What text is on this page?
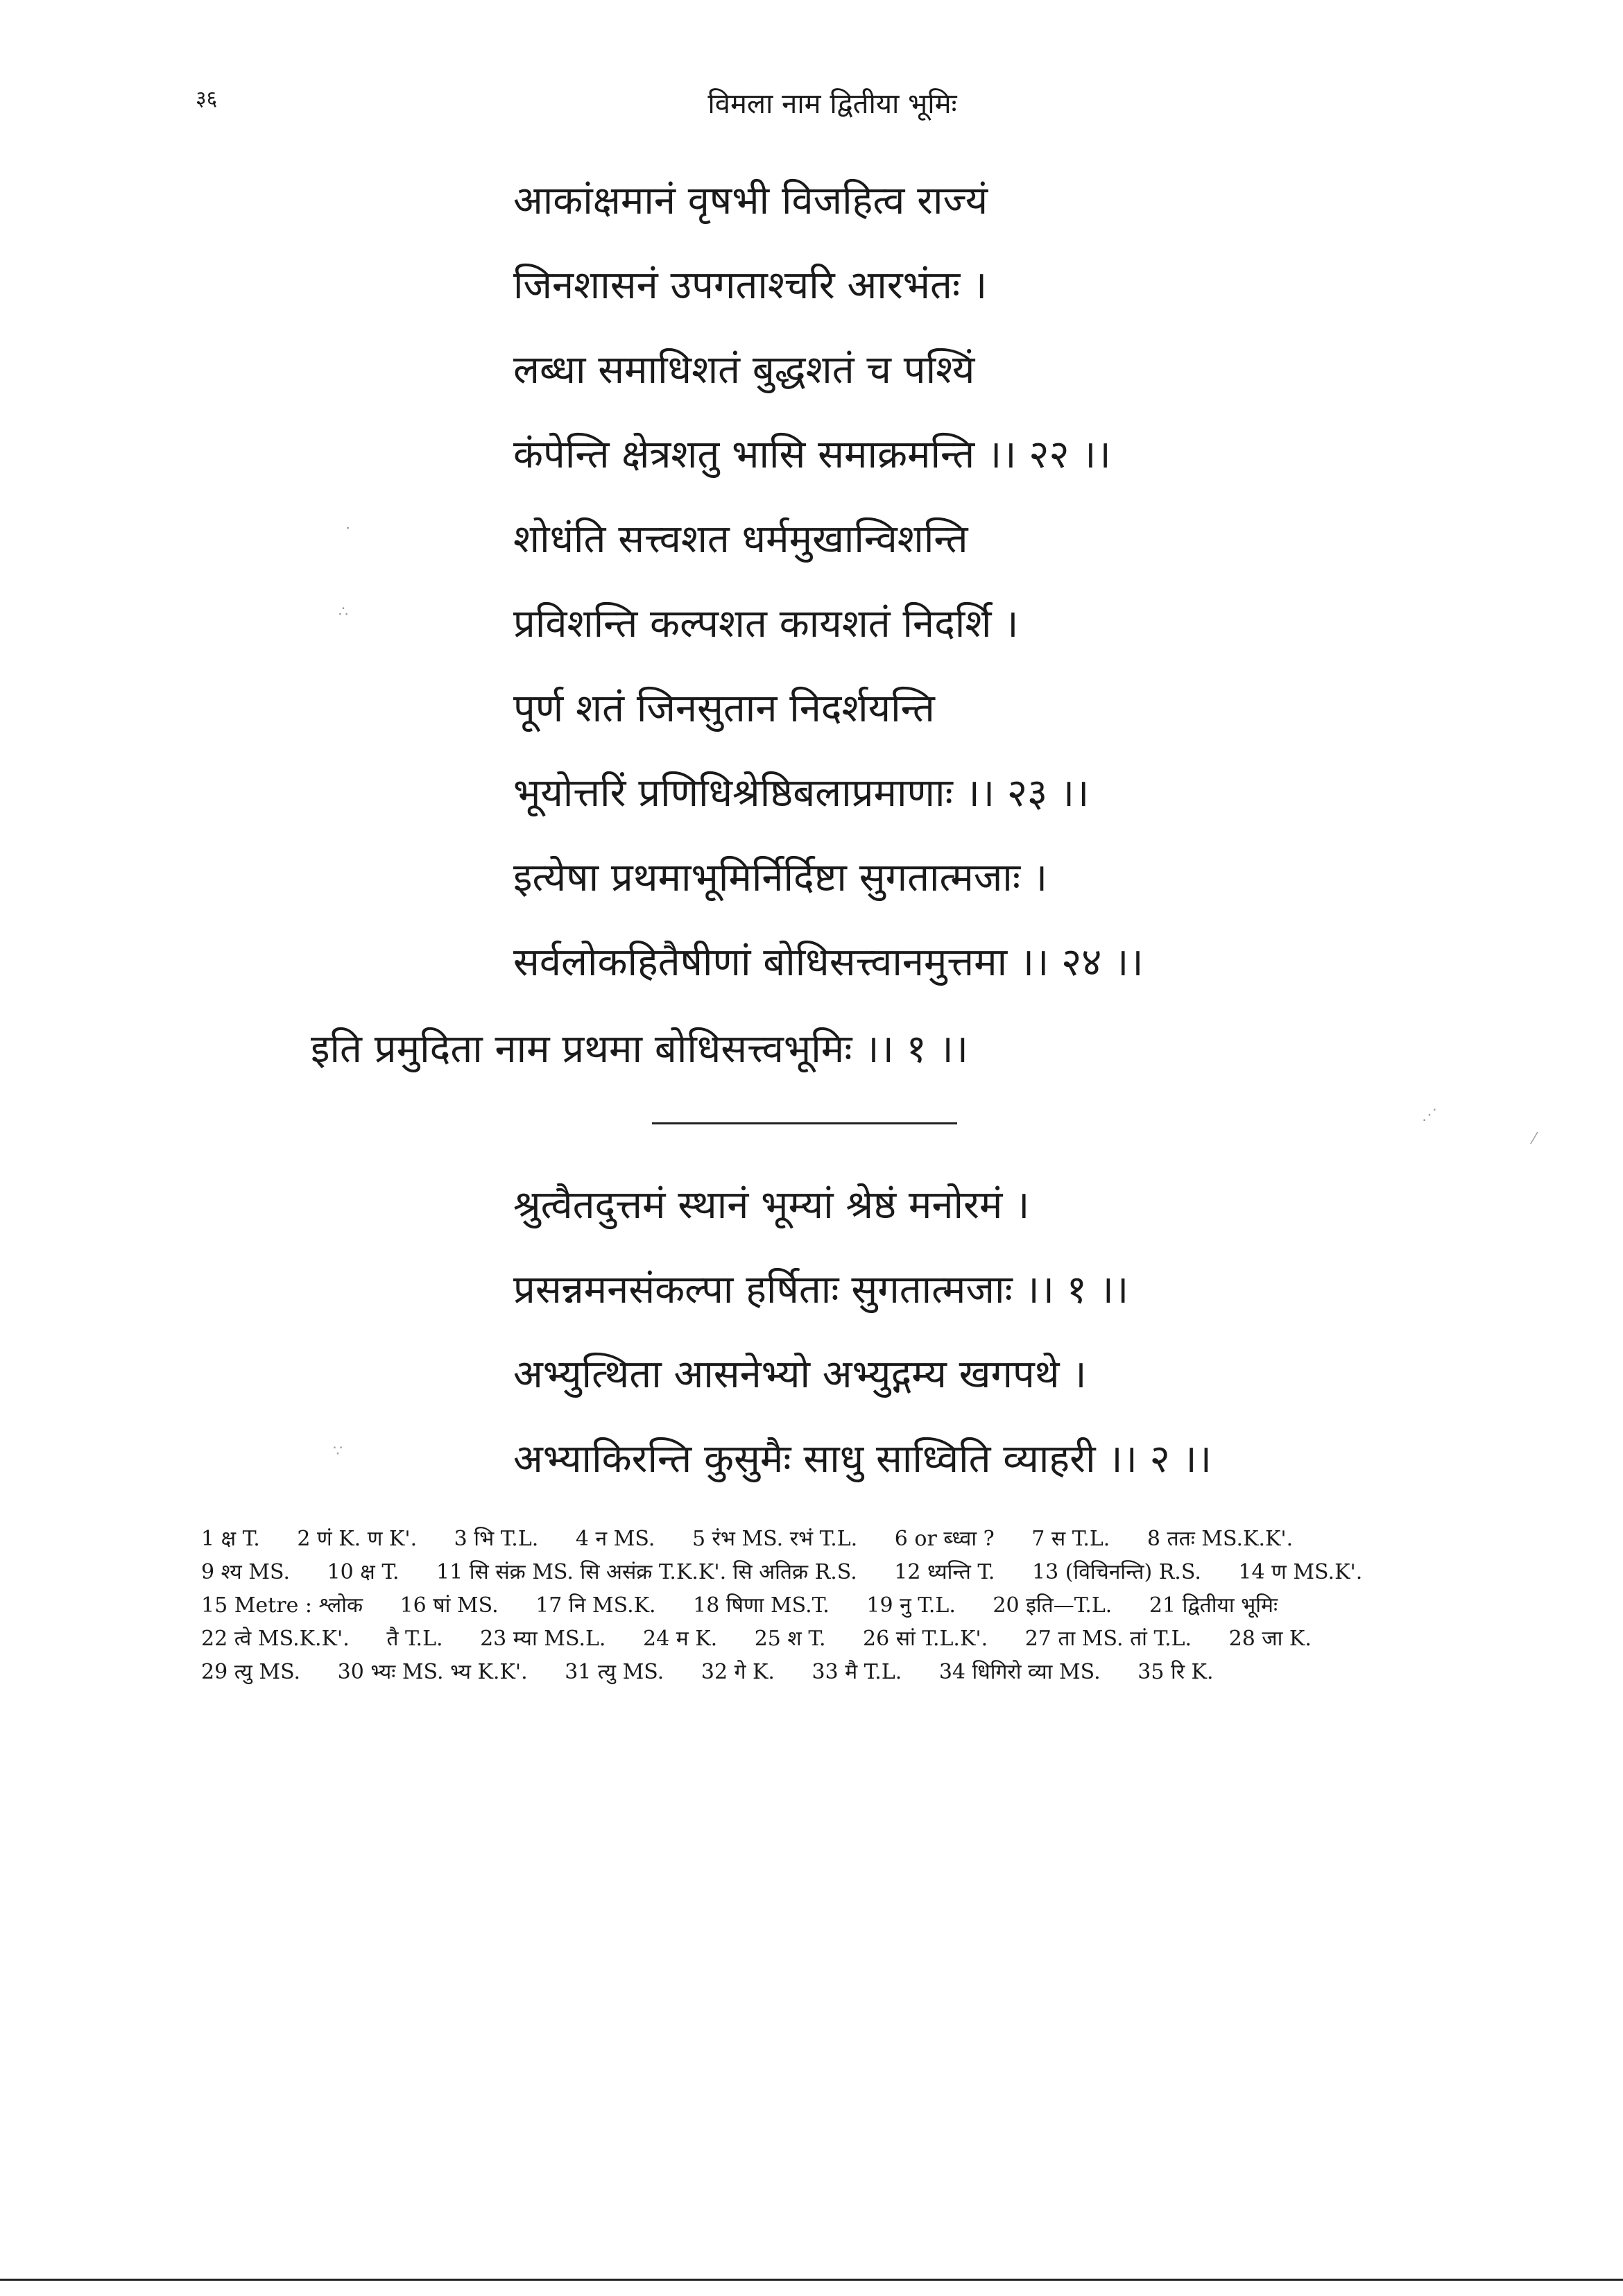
३६	विमला नाम द्वितीया भूमिः
आकांक्षमानं वृषभी विजहित्व राज्यं
जिनशासनं उपगताश्चरि आरभंतः ।
लब्धा समाधिशतं बुद्धशतं च पश्यिं
कंपेन्ति क्षेत्रशतु भासि समाक्रमन्ति ।। २२ ।।
शोधंति सत्त्वशत धर्ममुखान्विशन्ति
प्रविशन्ति कल्पशत कायशतं निदर्शि ।
पूर्ण शतं जिनसुतान निदर्शयन्ति
भूयोत्तरिं प्रणिधिश्रेष्ठिबलाप्रमाणाः ।। २३ ।।
इत्येषा प्रथमाभूमिर्निर्दिष्टा सुगतात्मजाः ।
सर्वलोकहितैषीणां बोधिसत्त्वानमुत्तमा ।। २४ ।।
इति प्रमुदिता नाम प्रथमा बोधिसत्त्वभूमिः ।। १ ।।
श्रुत्वैतदुत्तमं स्थानं भूम्यां श्रेष्ठं मनोरमं ।
प्रसन्नमनसंकल्पा हर्षिताः सुगतात्मजाः ।। १ ।।
अभ्युत्थिता आसनेभ्यो अभ्युद्गम्य खगपथे ।
अभ्याकिरन्ति कुसुमैः साधु साध्विति व्याहरी ।। २ ।।
1 क्ष T. 2 णं K. ण K'. 3 भि T.L. 4 न MS. 5 रंभ MS. रभं T.L. 6 or ब्ध्वा ? 7 स T.L. 8 ततः MS.K.K'. 9 श्य MS. 10 क्ष T. 11 सि संक्र MS. सि असंक्र T.K.K'. सि अतिक्र R.S. 12 ध्यन्ति T. 13 (विचिनन्ति) R.S. 14 ण MS.K'. 15 Metre : श्लोक 16 षां MS. 17 नि MS.K. 18 षिणा MS.T. 19 नु T.L. 20 इति—T.L. 21 द्वितीया भूमिः 22 त्वे MS.K.K'. तै T.L. 23 म्या MS.L. 24 म K. 25 श T. 26 सां T.L.K'. 27 ता MS. तां T.L. 28 जा K. 29 त्यु MS. 30 भ्यः MS. भ्य K.K'. 31 त्यु MS. 32 गे K. 33 मै T.L. 34 धिगिरो व्या MS. 35 रि K.
·
∴
⋰
⁄
∵
